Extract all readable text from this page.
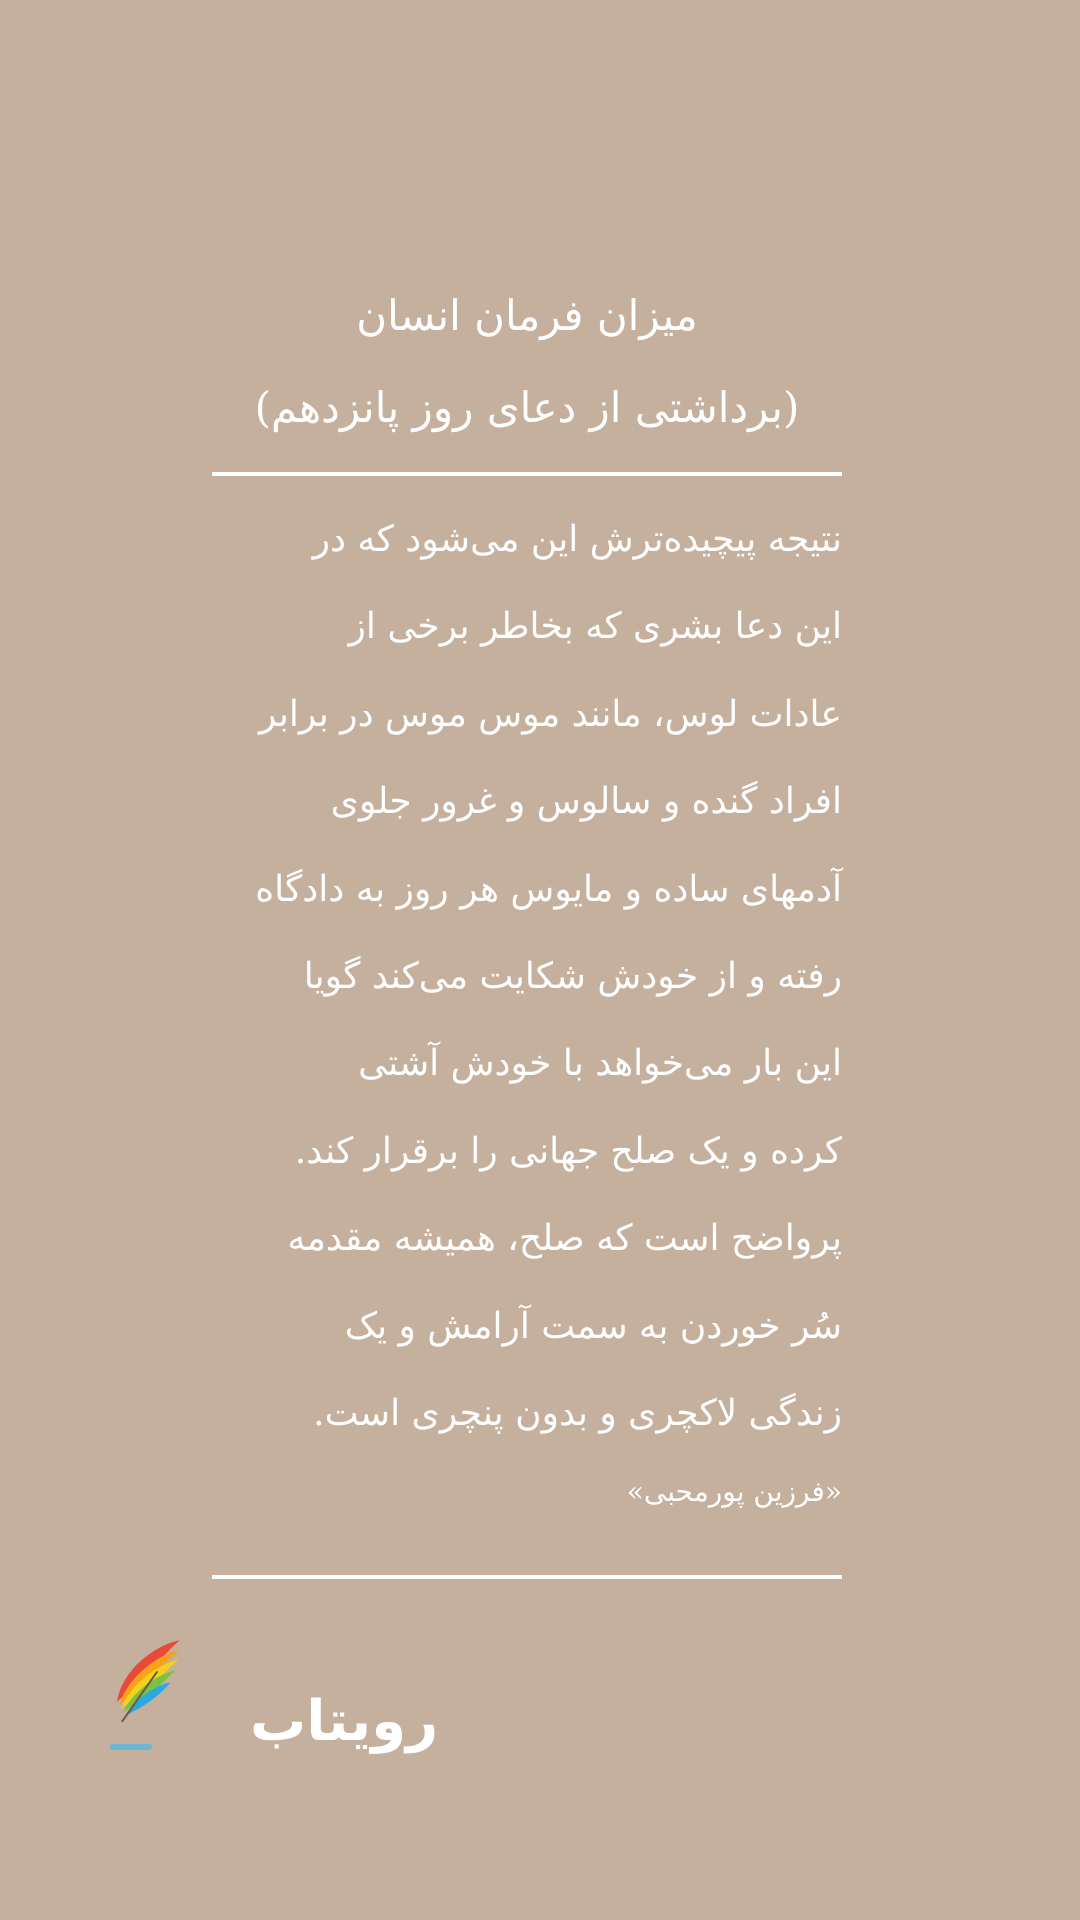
میزان فرمان انسان
(برداشتی از دعای روز پانزدهم)
نتیجه پیچیده‌ترش این می‌شود که در
این دعا بشری که بخاطر برخی از
عادات لوس، مانند موس موس در برابر
افراد گنده و سالوس و غرور جلوی
آدمهای ساده و مایوس هر روز به دادگاه
رفته و از خودش شکایت می‌کند گویا
این بار می‌خواهد با خودش آشتی
کرده و یک صلح جهانی را برقرار کند.
پرواضح است که صلح، همیشه مقدمه
سُر خوردن به سمت آرامش و یک
زندگی لاکچری و بدون پنچری است.
«فرزین پورمحبی»
رویتاب
